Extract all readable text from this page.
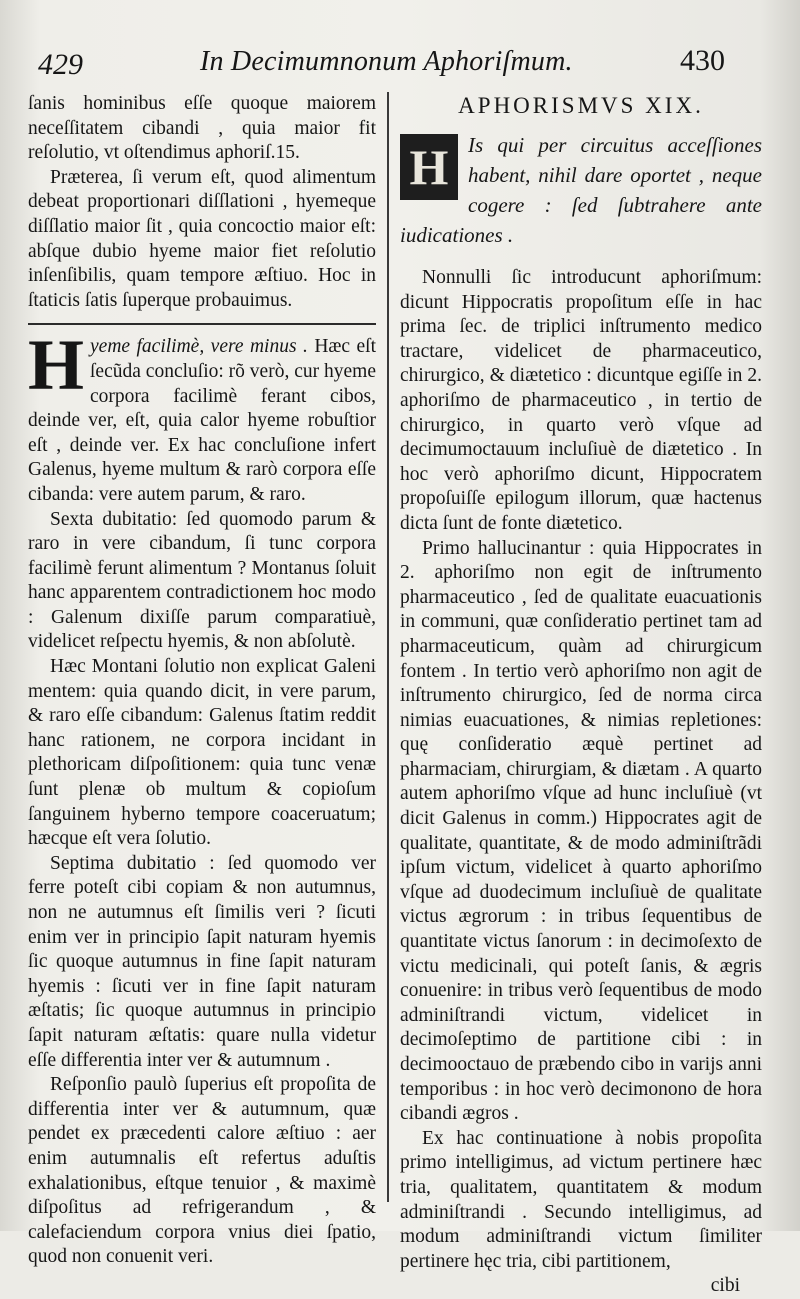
429	In Decimumnonum Aphoriſmum.	430

ſanis hominibus eſſe quoque maiorem neceſſitatem cibandi , quia maior fit reſolutio, vt oſtendimus aphoriſ.15.

Præterea, ſi verum eſt, quod alimentum debeat proportionari diſſlationi , hyemeque diſſlatio maior ſit , quia concoctio maior eſt: abſque dubio hyeme maior fiet reſolutio inſenſibilis, quam tempore æſtiuo. Hoc in ſtaticis ſatis ſuperque probauimus.

H yeme facilimè, vere minus . Hæc eſt ſecũda concluſio: rõ verò, cur hyeme corpora facilimè ferant cibos, deinde ver, eſt, quia calor hyeme robuſtior eſt , deinde ver. Ex hac concluſione infert Galenus, hyeme multum & rarò corpora eſſe cibanda: vere autem parum, & raro.

Sexta dubitatio: ſed quomodo parum & raro in vere cibandum, ſi tunc corpora facilimè ferunt alimentum ? Montanus ſoluit hanc apparentem contradictionem hoc modo : Galenum dixiſſe parum comparatiuè, videlicet reſpectu hyemis, & non abſolutè.

Hæc Montani ſolutio non explicat Galeni mentem: quia quando dicit, in vere parum, & raro eſſe cibandum: Galenus ſtatim reddit hanc rationem, ne corpora incidant in plethoricam diſpoſitionem: quia tunc venæ ſunt plenæ ob multum & copioſum ſanguinem hyberno tempore coaceruatum; hæcque eſt vera ſolutio.

Septima dubitatio : ſed quomodo ver ferre poteſt cibi copiam & non autumnus, non ne autumnus eſt ſimilis veri ? ſicuti enim ver in principio ſapit naturam hyemis ſic quoque autumnus in fine ſapit naturam hyemis : ſicuti ver in fine ſapit naturam æſtatis; ſic quoque autumnus in principio ſapit naturam æſtatis: quare nulla videtur eſſe differentia inter ver & autumnum .

Reſponſio paulò ſuperius eſt propoſita de differentia inter ver & autumnum, quæ pendet ex præcedenti calore æſtiuo : aer enim autumnalis eſt refertus aduſtis exhalationibus, eſtque tenuior , & maximè diſpoſitus ad refrigerandum , & calefaciendum corpora vnius diei ſpatio, quod non conuenit veri.

APHORISMVS XIX.
H Is qui per circuitus acceſſiones habent, nihil dare oportet , neque cogere : ſed ſubtrahere ante iudicationes .

Nonnulli ſic introducunt aphoriſmum: dicunt Hippocratis propoſitum eſſe in hac prima ſec. de triplici inſtrumento medico tractare, videlicet de pharmaceutico, chirurgico, & diætetico : dicuntque egiſſe in 2. aphoriſmo de pharmaceutico , in tertio de chirurgico, in quarto verò vſque ad decimumoctauum incluſiuè de diætetico . In hoc verò aphoriſmo dicunt, Hippocratem propoſuiſſe epilogum illorum, quæ hactenus dicta ſunt de fonte diætetico.

Primo hallucinantur : quia Hippocrates in 2. aphoriſmo non egit de inſtrumento pharmaceutico , ſed de qualitate euacuationis in communi, quæ conſideratio pertinet tam ad pharmaceuticum, quàm ad chirurgicum fontem . In tertio verò aphoriſmo non agit de inſtrumento chirurgico, ſed de norma circa nimias euacuationes, & nimias repletiones: quę conſideratio æquè pertinet ad pharmaciam, chirurgiam, & diætam . A quarto autem aphoriſmo vſque ad hunc incluſiuè (vt dicit Galenus in comm.) Hippocrates agit de qualitate, quantitate, & de modo adminiſtrãdi ipſum victum, videlicet à quarto aphoriſmo vſque ad duodecimum incluſiuè de qualitate victus ægrorum : in tribus ſequentibus de quantitate victus ſanorum : in decimoſexto de victu medicinali, qui poteſt ſanis, & ægris conuenire: in tribus verò ſequentibus de modo adminiſtrandi victum, videlicet in decimoſeptimo de partitione cibi : in decimooctauo de præbendo cibo in varijs anni temporibus : in hoc verò decimonono de hora cibandi ægros .

Ex hac continuatione à nobis propoſita primo intelligimus, ad victum pertinere hæc tria, qualitatem, quantitatem & modum adminiſtrandi . Secundo intelligimus, ad modum adminiſtrandi victum ſimiliter pertinere hęc tria, cibi partitionem,

cibi
